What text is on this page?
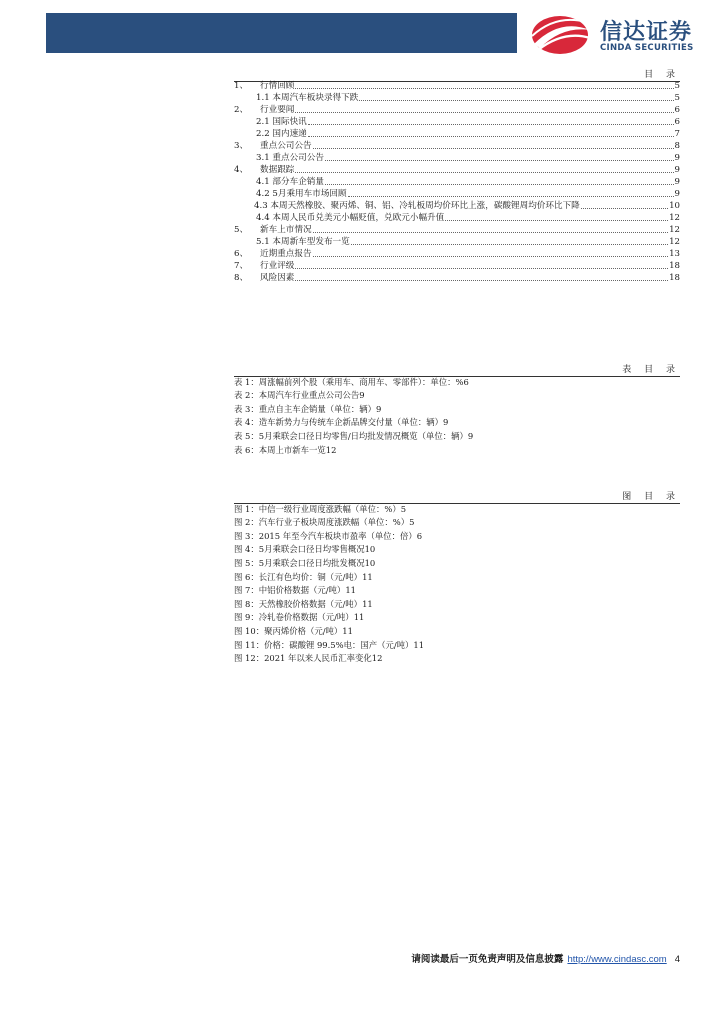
信达证券
CINDA SECURITIES
目 录
1、 行情回顾	5
1.1 本周汽车板块录得下跌	5
2、 行业要闻	6
2.1 国际快讯	6
2.2 国内速递	7
3、 重点公司公告	8
3.1 重点公司公告	9
4、 数据跟踪	9
4.1 部分车企销量	9
4.2 5月乘用车市场回顾	9
4.3 本周天然橡胶、聚丙烯、铜、铝、冷轧板周均价环比上涨，碳酸锂周均价环比下降	10
4.4 本周人民币兑美元小幅贬值，兑欧元小幅升值	12
5、 新车上市情况	12
5.1 本周新车型发布一览	12
6、 近期重点报告	13
7、 行业评级	18
8、 风险因素	18
表 目 录
表 1：周涨幅前列个股（乘用车、商用车、零部件）：单位：% 6
表 2：本周汽车行业重点公司公告 9
表 3：重点自主车企销量（单位：辆） 9
表 4：造车新势力与传统车企新品牌交付量（单位：辆） 9
表 5：5月乘联会口径日均零售/日均批发情况概览（单位：辆） 9
表 6：本周上市新车一览 12
图 目 录
图 1：中信一级行业周度涨跌幅（单位：%） 5
图 2：汽车行业子板块周度涨跌幅（单位：%） 5
图 3：2015 年至今汽车板块市盈率（单位：倍） 6
图 4：5月乘联会口径日均零售概况 10
图 5：5月乘联会口径日均批发概况 10
图 6：长江有色均价：铜（元/吨） 11
图 7：中铝价格数据（元/吨） 11
图 8：天然橡胶价格数据（元/吨） 11
图 9：冷轧卷价格数据（元/吨） 11
图 10：聚丙烯价格（元/吨） 11
图 11：价格：碳酸锂 99.5%电：国产（元/吨） 11
图 12：2021 年以来人民币汇率变化 12
请阅读最后一页免责声明及信息披露 http://www.cindasc.com 4
